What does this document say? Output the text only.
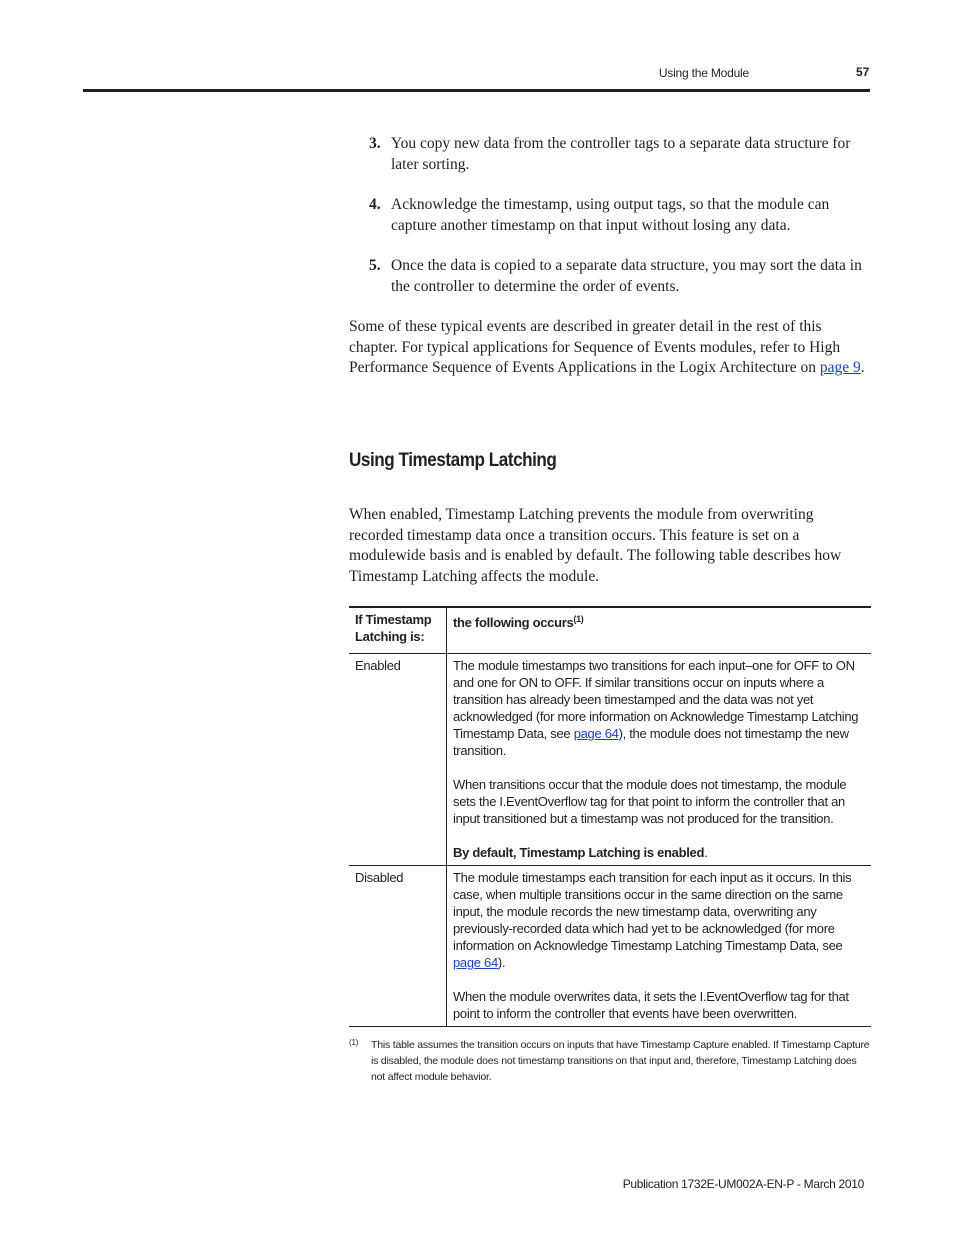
Using the Module	57
3. You copy new data from the controller tags to a separate data structure for later sorting.
4. Acknowledge the timestamp, using output tags, so that the module can capture another timestamp on that input without losing any data.
5. Once the data is copied to a separate data structure, you may sort the data in the controller to determine the order of events.
Some of these typical events are described in greater detail in the rest of this chapter. For typical applications for Sequence of Events modules, refer to High Performance Sequence of Events Applications in the Logix Architecture on page 9.
Using Timestamp Latching
When enabled, Timestamp Latching prevents the module from overwriting recorded timestamp data once a transition occurs. This feature is set on a modulewide basis and is enabled by default. The following table describes how Timestamp Latching affects the module.
If Timestamp Latching is:	the following occurs$^{(1)}$
Enabled	The module timestamps two transitions for each input–one for OFF to ON and one for ON to OFF. If similar transitions occur on inputs where a transition has already been timestamped and the data was not yet acknowledged (for more information on Acknowledge Timestamp Latching Timestamp Data, see page 64), the module does not timestamp the new transition.

When transitions occur that the module does not timestamp, the module sets the I.EventOverflow tag for that point to inform the controller that an input transitioned but a timestamp was not produced for the transition.

By default, Timestamp Latching is enabled.

Disabled	The module timestamps each transition for each input as it occurs. In this case, when multiple transitions occur in the same direction on the same input, the module records the new timestamp data, overwriting any previously-recorded data which had yet to be acknowledged (for more information on Acknowledge Timestamp Latching Timestamp Data, see page 64).

When the module overwrites data, it sets the I.EventOverflow tag for that point to inform the controller that events have been overwritten.

(1) This table assumes the transition occurs on inputs that have Timestamp Capture enabled. If Timestamp Capture is disabled, the module does not timestamp transitions on that input and, therefore, Timestamp Latching does not affect module behavior.
Publication 1732E-UM002A-EN-P - March 2010
